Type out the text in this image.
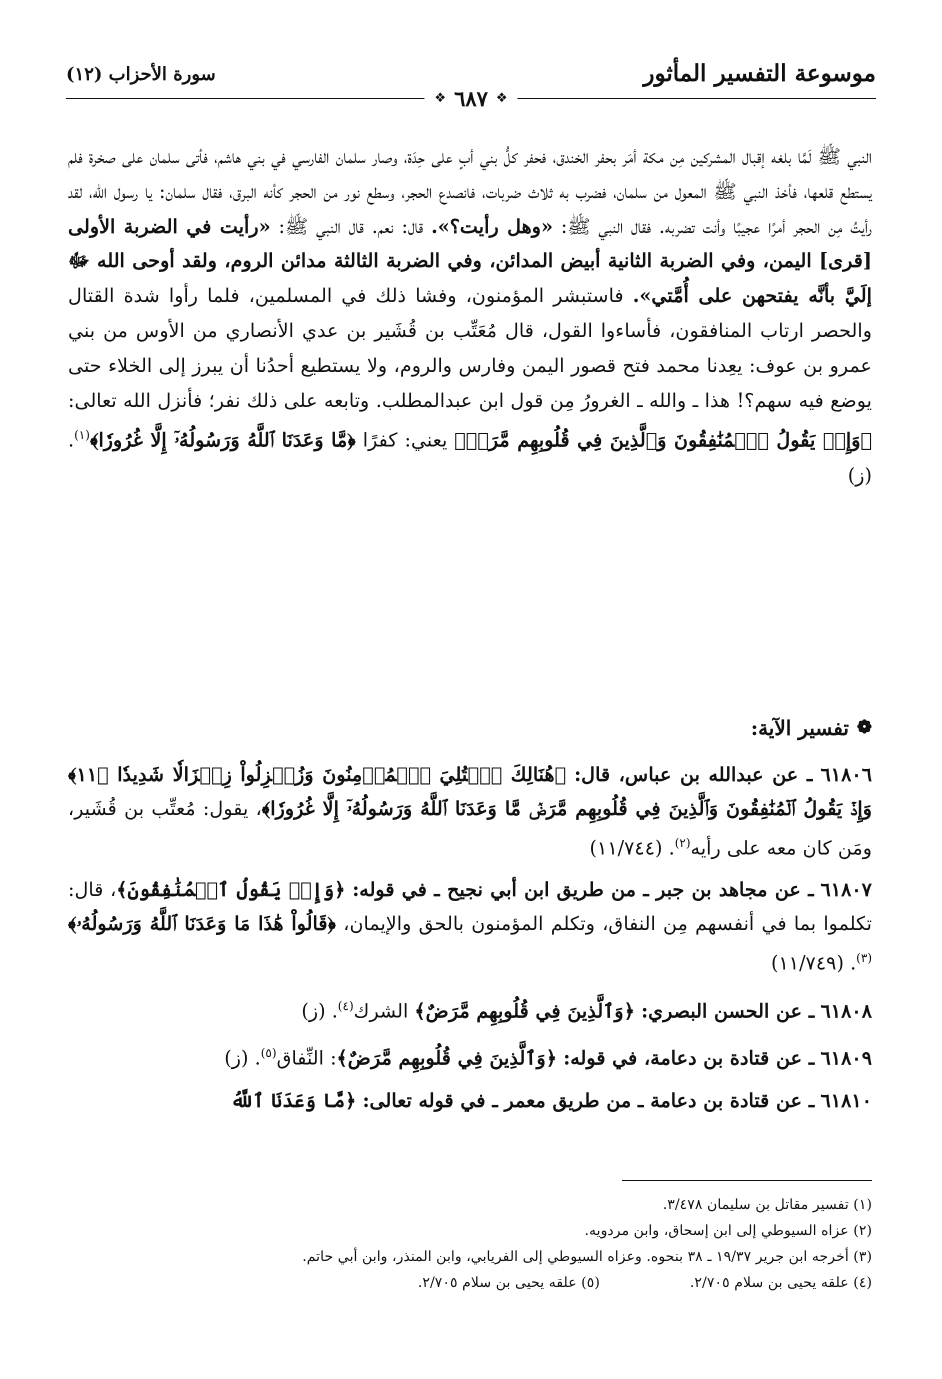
موسوعة التفسير المأثور
سورة الأحزاب (١٢)
❖
٦٨٧
❖

النبي ﷺ لَمَّا بلغه إقبال المشركين مِن مكة أمَر بحفر الخندق، فحفر كلُّ بني أبٍ على حِدَة، وصار سلمان الفارسي في بني هاشم، فأتى سلمان على صخرة فلم يستطع قلعها، فأخذ النبي ﷺ المعول من سلمان، فضرب به ثلاث ضربات، فانصدع الحجر، وسطع نور من الحجر كأنه البرق، فقال سلمان: يا رسول الله، لقد رأيتُ مِن الحجر أمرًا عجيبًا وأنت تضربه. فقال النبي ﷺ: «وهل رأيت؟». قال: نعم. قال النبي ﷺ: «رأيت في الضربة الأولى [قرى] اليمن، وفي الضربة الثانية أبيض المدائن، وفي الضربة الثالثة مدائن الروم، ولقد أوحى الله ﷻ إلَيَّ بأنَّه يفتحهن على أُمَّتي». فاستبشر المؤمنون، وفشا ذلك في المسلمين، فلما رأوا شدة القتال والحصر ارتاب المنافقون، فأساءوا القول، قال مُعَتِّب بن قُشَير بن عدي الأنصاري من الأوس من بني عمرو بن عوف: يعِدنا محمد فتح قصور اليمن وفارس والروم، ولا يستطيع أحدُنا أن يبرز إلى الخلاء حتى يوضع فيه سهم؟! هذا ـ والله ـ الغرورُ مِن قول ابن عبدالمطلب. وتابعه على ذلك نفر؛ فأنزل الله تعالى: ﴿وَإِذۡ يَقُولُ ٱلۡمُنَٰفِقُونَ وَٱلَّذِينَ فِي قُلُوبِهِم مَّرَضٞ﴾ يعني: كفرًا ﴿مَّا وَعَدَنَا ٱللَّهُ وَرَسُولُهُۥٓ إِلَّا غُرُورٗا﴾$^{(١)}$. (ز)

❁
تفسير الآية:

٦١٨٠٦ ـ عن عبدالله بن عباس، قال: ﴿هُنَالِكَ ٱبۡتُلِيَ ٱلۡمُؤۡمِنُونَ وَزُلۡزِلُواْ زِلۡزَالٗا شَدِيدٗا ﴿١١﴾ وَإِذۡ يَقُولُ ٱلۡمُنَٰفِقُونَ وَٱلَّذِينَ فِي قُلُوبِهِم مَّرَضٞ مَّا وَعَدَنَا ٱللَّهُ وَرَسُولُهُۥٓ إِلَّا غُرُورٗا﴾، يقول: مُعتِّب بن قُشَير، ومَن كان معه على رأيه$^{(٢)}$. (١١/٧٤٤)

٦١٨٠٧ ـ عن مجاهد بن جبر ـ من طريق ابن أبي نجيح ـ في قوله: ﴿وَإِذۡ يَقُولُ ٱلۡمُنَٰفِقُونَ﴾، قال: تكلموا بما في أنفسهم مِن النفاق، وتكلم المؤمنون بالحق والإيمان، ﴿قَالُواْ هَٰذَا مَا وَعَدَنَا ٱللَّهُ وَرَسُولُهُۥ﴾$^{(٣)}$. (١١/٧٤٩)

٦١٨٠٨ ـ عن الحسن البصري: ﴿وَٱلَّذِينَ فِي قُلُوبِهِم مَّرَضٌ﴾ الشرك$^{(٤)}$. (ز)

٦١٨٠٩ ـ عن قتادة بن دعامة، في قوله: ﴿وَٱلَّذِينَ فِي قُلُوبِهِم مَّرَضٌ﴾: النِّفاق$^{(٥)}$. (ز)

٦١٨١٠ ـ عن قتادة بن دعامة ـ من طريق معمر ـ في قوله تعالى: ﴿مَّا وَعَدَنَا ٱللَّهُ

(١) تفسير مقاتل بن سليمان ٣/٤٧٨.

(٢) عزاه السيوطي إلى ابن إسحاق، وابن مردويه.

(٣) أخرجه ابن جرير ١٩/٣٧ ـ ٣٨ بنحوه. وعزاه السيوطي إلى الفريابي، وابن المنذر، وابن أبي حاتم.

(٤) علقه يحيى بن سلام ٢/٧٠٥.
(٥) علقه يحيى بن سلام ٢/٧٠٥.
